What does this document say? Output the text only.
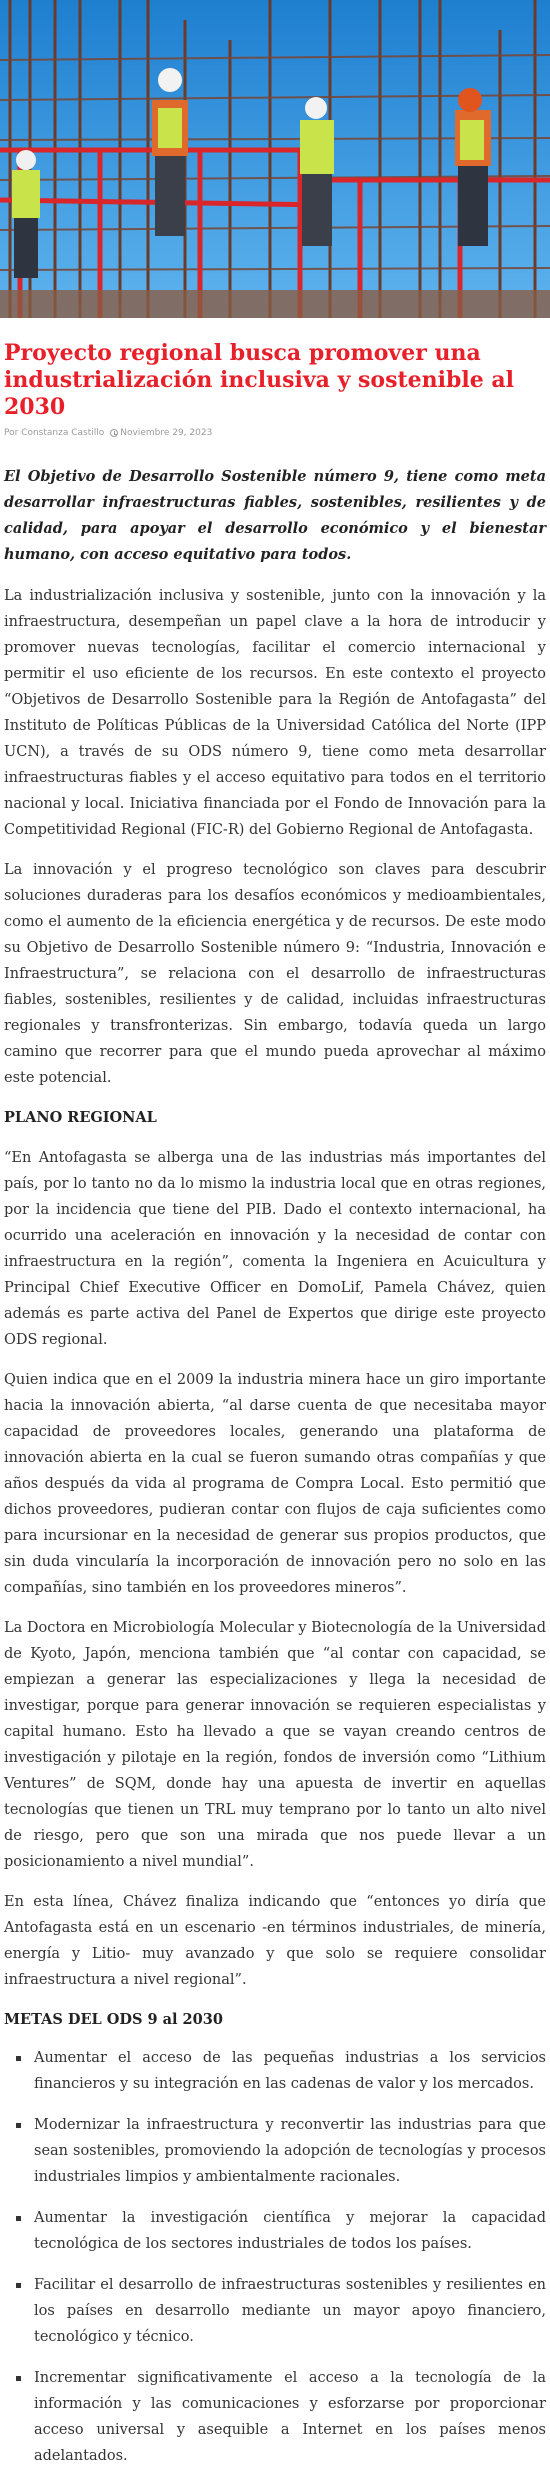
Proyecto regional busca promover una industrialización inclusiva y sostenible al 2030
Por Constanza Castillo Noviembre 29, 2023

El Objetivo de Desarrollo Sostenible número 9, tiene como meta desarrollar infraestructuras fiables, sostenibles, resilientes y de calidad, para apoyar el desarrollo económico y el bienestar humano, con acceso equitativo para todos.

La industrialización inclusiva y sostenible, junto con la innovación y la infraestructura, desempeñan un papel clave a la hora de introducir y promover nuevas tecnologías, facilitar el comercio internacional y permitir el uso eficiente de los recursos. En este contexto el proyecto “Objetivos de Desarrollo Sostenible para la Región de Antofagasta” del Instituto de Políticas Públicas de la Universidad Católica del Norte (IPP UCN), a través de su ODS número 9, tiene como meta desarrollar infraestructuras fiables y el acceso equitativo para todos en el territorio nacional y local. Iniciativa financiada por el Fondo de Innovación para la Competitividad Regional (FIC-R) del Gobierno Regional de Antofagasta.

La innovación y el progreso tecnológico son claves para descubrir soluciones duraderas para los desafíos económicos y medioambientales, como el aumento de la eficiencia energética y de recursos. De este modo su Objetivo de Desarrollo Sostenible número 9: “Industria, Innovación e Infraestructura”, se relaciona con el desarrollo de infraestructuras fiables, sostenibles, resilientes y de calidad, incluidas infraestructuras regionales y transfronterizas. Sin embargo, todavía queda un largo camino que recorrer para que el mundo pueda aprovechar al máximo este potencial.

PLANO REGIONAL

“En Antofagasta se alberga una de las industrias más importantes del país, por lo tanto no da lo mismo la industria local que en otras regiones, por la incidencia que tiene del PIB. Dado el contexto internacional, ha ocurrido una aceleración en innovación y la necesidad de contar con infraestructura en la región”, comenta la Ingeniera en Acuicultura y Principal Chief Executive Officer en DomoLif, Pamela Chávez, quien además es parte activa del Panel de Expertos que dirige este proyecto ODS regional.

Quien indica que en el 2009 la industria minera hace un giro importante hacia la innovación abierta, “al darse cuenta de que necesitaba mayor capacidad de proveedores locales, generando una plataforma de innovación abierta en la cual se fueron sumando otras compañías y que años después da vida al programa de Compra Local. Esto permitió que dichos proveedores, pudieran contar con flujos de caja suficientes como para incursionar en la necesidad de generar sus propios productos, que sin duda vincularía la incorporación de innovación pero no solo en las compañías, sino también en los proveedores mineros”.

La Doctora en Microbiología Molecular y Biotecnología de la Universidad de Kyoto, Japón, menciona también que “al contar con capacidad, se empiezan a generar las especializaciones y llega la necesidad de investigar, porque para generar innovación se requieren especialistas y capital humano. Esto ha llevado a que se vayan creando centros de investigación y pilotaje en la región, fondos de inversión como “Lithium Ventures” de SQM, donde hay una apuesta de invertir en aquellas tecnologías que tienen un TRL muy temprano por lo tanto un alto nivel de riesgo, pero que son una mirada que nos puede llevar a un posicionamiento a nivel mundial”.

En esta línea, Chávez finaliza indicando que “entonces yo diría que Antofagasta está en un escenario -en términos industriales, de minería, energía y Litio- muy avanzado y que solo se requiere consolidar infraestructura a nivel regional”.

METAS DEL ODS 9 al 2030
Aumentar el acceso de las pequeñas industrias a los servicios financieros y su integración en las cadenas de valor y los mercados.
Modernizar la infraestructura y reconvertir las industrias para que sean sostenibles, promoviendo la adopción de tecnologías y procesos industriales limpios y ambientalmente racionales.
Aumentar la investigación científica y mejorar la capacidad tecnológica de los sectores industriales de todos los países.
Facilitar el desarrollo de infraestructuras sostenibles y resilientes en los países en desarrollo mediante un mayor apoyo financiero, tecnológico y técnico.
Incrementar significativamente el acceso a la tecnología de la información y las comunicaciones y esforzarse por proporcionar acceso universal y asequible a Internet en los países menos adelantados.
